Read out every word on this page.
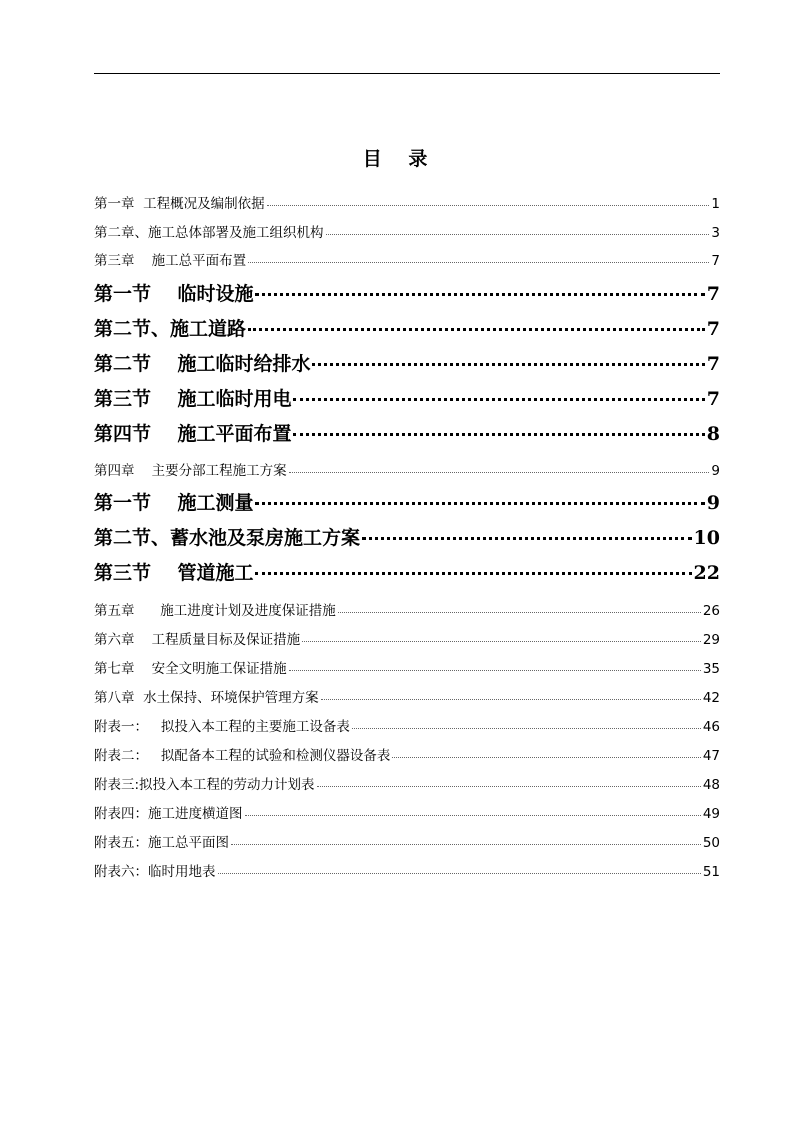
目　录
第一章  工程概况及编制依据	1
第二章、施工总体部署及施工组织机构	3
第三章    施工总平面布置	7
第一节    临时设施	7
第二节、施工道路	7
第二节    施工临时给排水	7
第三节    施工临时用电	7
第四节    施工平面布置	8
第四章    主要分部工程施工方案	9
第一节    施工测量	9
第二节、蓄水池及泵房施工方案	10
第三节    管道施工	22
第五章      施工进度计划及进度保证措施	26
第六章    工程质量目标及保证措施	29
第七章    安全文明施工保证措施	35
第八章  水土保持、环境保护管理方案	42
附表一：   拟投入本工程的主要施工设备表	46
附表二：   拟配备本工程的试验和检测仪器设备表	47
附表三:拟投入本工程的劳动力计划表	48
附表四：施工进度横道图	49
附表五：施工总平面图	50
附表六：临时用地表	51
